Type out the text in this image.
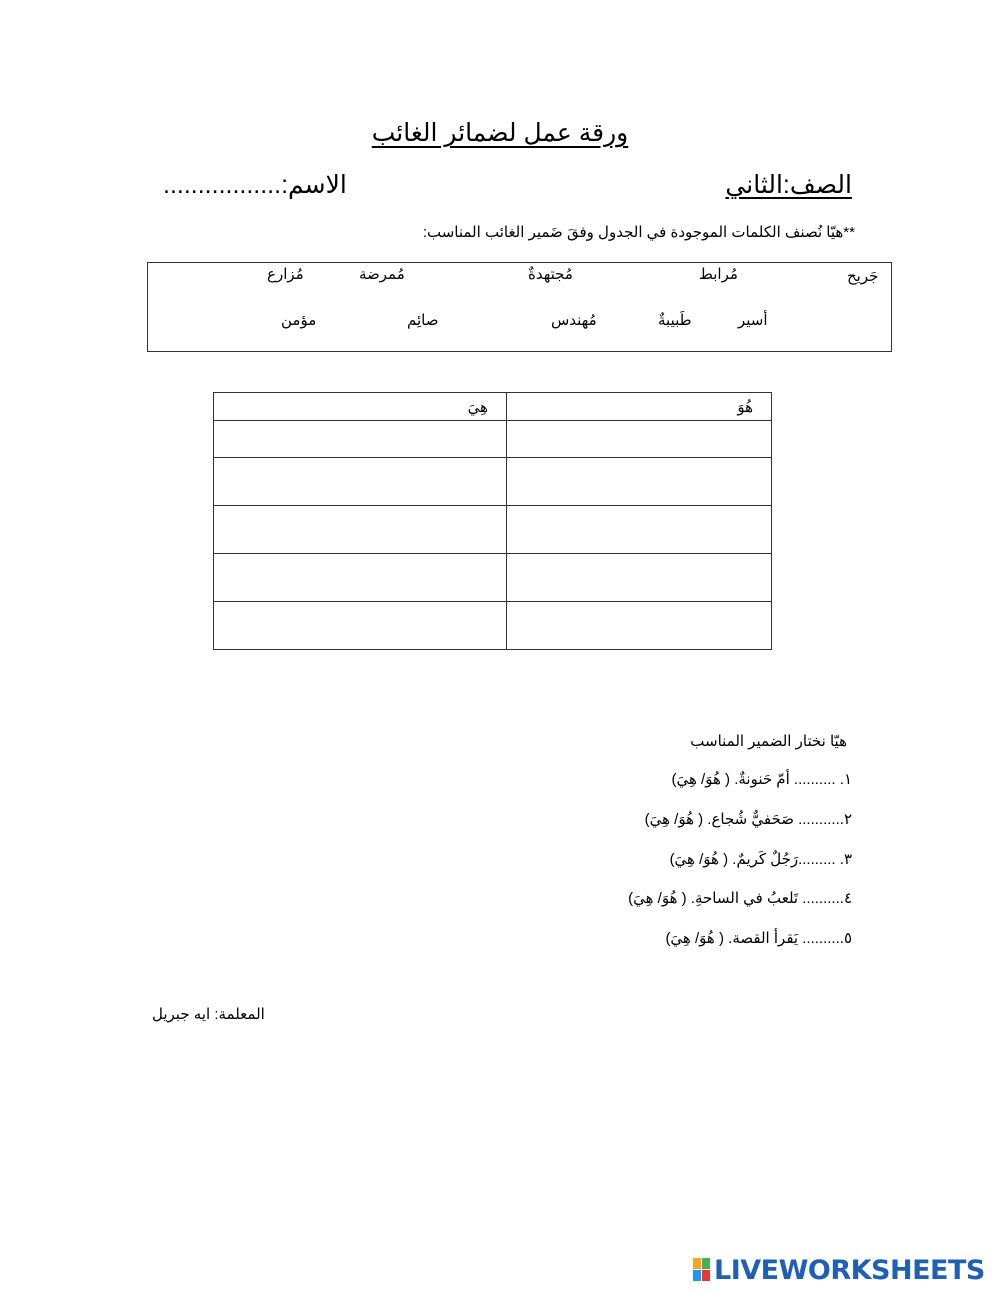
ورقة عمل لضمائر الغائب
الصف:الثاني
الاسم:.................
**هيّا نُصنف الكلمات الموجودة في الجدول وفقَ ضَمير الغائب المناسب:
جَريح
مُرابط
مُجتهدةٌ
مُمرضة
مُزارع
أسير
طَبيبةٌ
مُهندس
صائِم
مؤمن
هُوَ	هِيَ

هيّا نختار الضمير المناسب
١. .......... أمّ حَنونةٌ. ( هُوَ/ هِيَ)
٢........... صَحَفيٌّ شُجاع. ( هُوَ/ هِيَ)
٣. .........رَجُلٌ كَريمٌ. ( هُوَ/ هِيَ)
٤.......... تَلعبُ في الساحةِ. ( هُوَ/ هِيَ)
٥.......... يَقرأ القصة. ( هُوَ/ هِيَ)
المعلمة: ايه جبريل
LIVEWORKSHEETS
